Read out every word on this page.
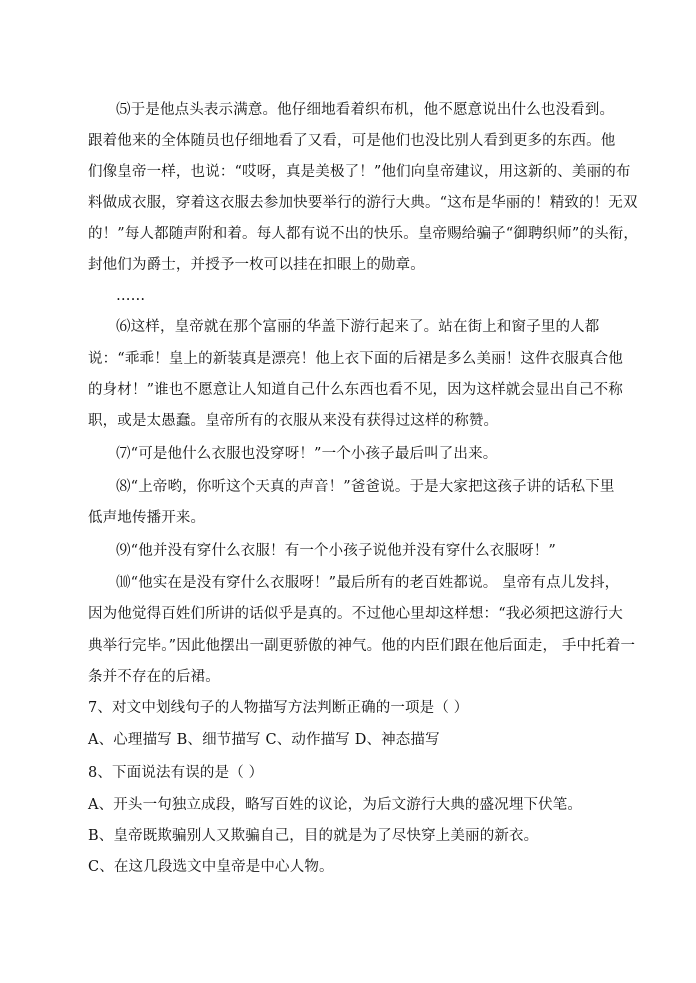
⑸于是他点头表示满意。他仔细地看着织布机，他不愿意说出什么也没看到。
跟着他来的全体随员也仔细地看了又看，可是他们也没比别人看到更多的东西。他
们像皇帝一样，也说：“哎呀，真是美极了！”他们向皇帝建议，用这新的、美丽的布
料做成衣服，穿着这衣服去参加快要举行的游行大典。“这布是华丽的！精致的！无双
的！”每人都随声附和着。每人都有说不出的快乐。皇帝赐给骗子“御聘织师”的头衔，
封他们为爵士，并授予一枚可以挂在扣眼上的勋章。
……
⑹这样，皇帝就在那个富丽的华盖下游行起来了。站在街上和窗子里的人都
说：“乖乖！皇上的新装真是漂亮！他上衣下面的后裙是多么美丽！这件衣服真合他
的身材！”谁也不愿意让人知道自己什么东西也看不见，因为这样就会显出自己不称
职，或是太愚蠢。皇帝所有的衣服从来没有获得过这样的称赞。
⑺“可是他什么衣服也没穿呀！”一个小孩子最后叫了出来。
⑻“上帝哟，你听这个天真的声音！”爸爸说。于是大家把这孩子讲的话私下里
低声地传播开来。
⑼“他并没有穿什么衣服！有一个小孩子说他并没有穿什么衣服呀！”
⑽“他实在是没有穿什么衣服呀！”最后所有的老百姓都说。 皇帝有点儿发抖，
因为他觉得百姓们所讲的话似乎是真的。不过他心里却这样想：“我必须把这游行大
典举行完毕。”因此他摆出一副更骄傲的神气。他的内臣们跟在他后面走， 手中托着一
条并不存在的后裙。
7、对文中划线句子的人物描写方法判断正确的一项是（ ）
A、心理描写 B、细节描写 C、动作描写 D、神态描写
8、下面说法有误的是（ ）
A、开头一句独立成段，略写百姓的议论，为后文游行大典的盛况埋下伏笔。
B、皇帝既欺骗别人又欺骗自己，目的就是为了尽快穿上美丽的新衣。
C、在这几段选文中皇帝是中心人物。
